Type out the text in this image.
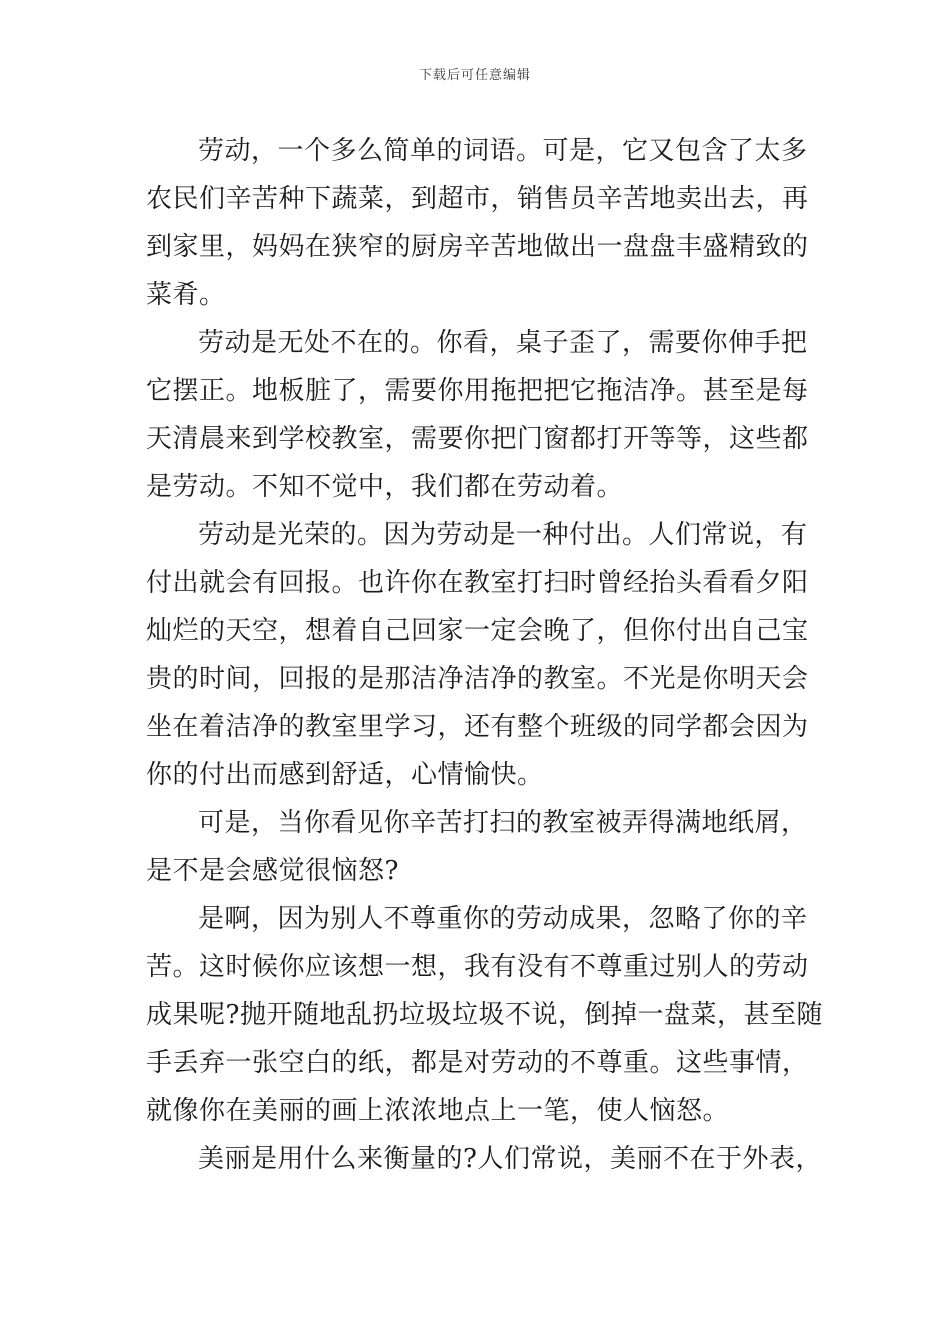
下载后可任意编辑

劳动，一个多么简单的词语。可是，它又包含了太多
农民们辛苦种下蔬菜，到超市，销售员辛苦地卖出去，再
到家里，妈妈在狭窄的厨房辛苦地做出一盘盘丰盛精致的
菜肴。

劳动是无处不在的。你看，桌子歪了，需要你伸手把
它摆正。地板脏了，需要你用拖把把它拖洁净。甚至是每
天清晨来到学校教室，需要你把门窗都打开等等，这些都
是劳动。不知不觉中，我们都在劳动着。

劳动是光荣的。因为劳动是一种付出。人们常说，有
付出就会有回报。也许你在教室打扫时曾经抬头看看夕阳
灿烂的天空，想着自己回家一定会晚了，但你付出自己宝
贵的时间，回报的是那洁净洁净的教室。不光是你明天会
坐在着洁净的教室里学习，还有整个班级的同学都会因为
你的付出而感到舒适，心情愉快。

可是，当你看见你辛苦打扫的教室被弄得满地纸屑，
是不是会感觉很恼怒?

是啊，因为别人不尊重你的劳动成果，忽略了你的辛
苦。这时候你应该想一想，我有没有不尊重过别人的劳动
成果呢?抛开随地乱扔垃圾垃圾不说，倒掉一盘菜，甚至随
手丢弃一张空白的纸，都是对劳动的不尊重。这些事情，
就像你在美丽的画上浓浓地点上一笔，使人恼怒。

美丽是用什么来衡量的?人们常说，美丽不在于外表，
